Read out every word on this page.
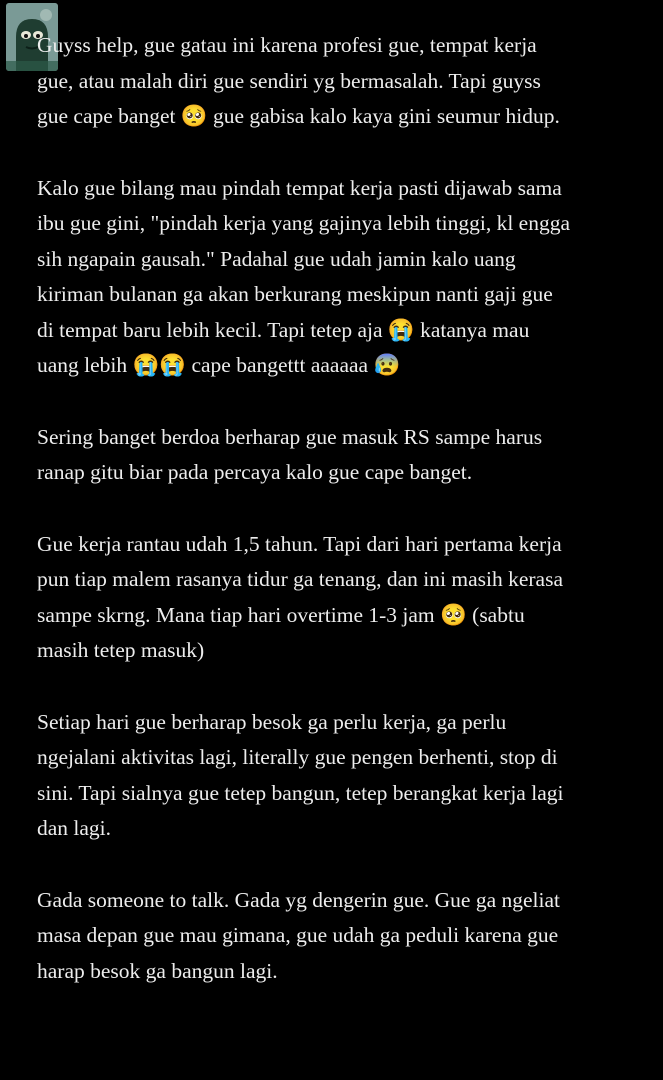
Guyss help, gue gatau ini karena profesi gue, tempat kerja
gue, atau malah diri gue sendiri yg bermasalah. Tapi guyss
gue cape banget 🥺 gue gabisa kalo kaya gini seumur hidup.

Kalo gue bilang mau pindah tempat kerja pasti dijawab sama
ibu gue gini, "pindah kerja yang gajinya lebih tinggi, kl engga
sih ngapain gausah." Padahal gue udah jamin kalo uang
kiriman bulanan ga akan berkurang meskipun nanti gaji gue
di tempat baru lebih kecil. Tapi tetep aja 😭 katanya mau
uang lebih 😭😭 cape bangettt aaaaaa 😰

Sering banget berdoa berharap gue masuk RS sampe harus
ranap gitu biar pada percaya kalo gue cape banget.

Gue kerja rantau udah 1,5 tahun. Tapi dari hari pertama kerja
pun tiap malem rasanya tidur ga tenang, dan ini masih kerasa
sampe skrng. Mana tiap hari overtime 1-3 jam 🥺 (sabtu
masih tetep masuk)

Setiap hari gue berharap besok ga perlu kerja, ga perlu
ngejalani aktivitas lagi, literally gue pengen berhenti, stop di
sini. Tapi sialnya gue tetep bangun, tetep berangkat kerja lagi
dan lagi.

Gada someone to talk. Gada yg dengerin gue. Gue ga ngeliat
masa depan gue mau gimana, gue udah ga peduli karena gue
harap besok ga bangun lagi.
